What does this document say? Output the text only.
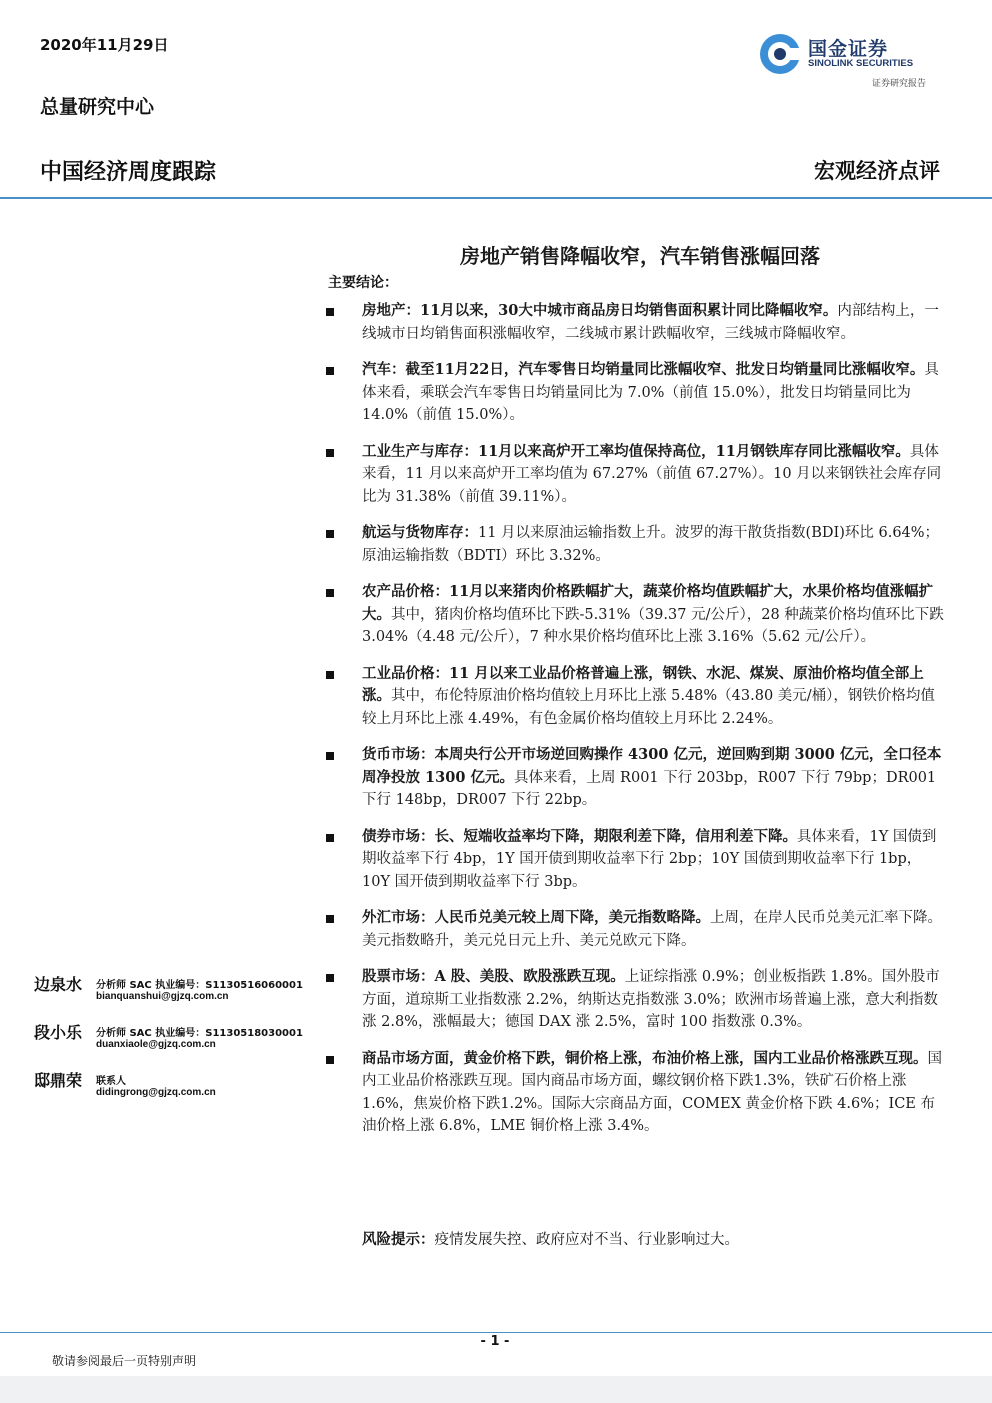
2020年11月29日
总量研究中心
中国经济周度跟踪	宏观经济点评
国金证券
SINOLINK SECURITIES
证券研究报告
房地产销售降幅收窄，汽车销售涨幅回落
主要结论：
房地产：11月以来，30大中城市商品房日均销售面积累计同比降幅收窄。内部结构上，一线城市日均销售面积涨幅收窄，二线城市累计跌幅收窄，三线城市降幅收窄。
汽车：截至11月22日，汽车零售日均销量同比涨幅收窄、批发日均销量同比涨幅收窄。具体来看，乘联会汽车零售日均销量同比为 7.0%（前值 15.0%），批发日均销量同比为 14.0%（前值 15.0%）。
工业生产与库存：11月以来高炉开工率均值保持高位，11月钢铁库存同比涨幅收窄。具体来看，11 月以来高炉开工率均值为 67.27%（前值 67.27%）。10 月以来钢铁社会库存同比为 31.38%（前值 39.11%）。
航运与货物库存：11 月以来原油运输指数上升。波罗的海干散货指数(BDI)环比 6.64%；原油运输指数（BDTI）环比 3.32%。
农产品价格：11月以来猪肉价格跌幅扩大，蔬菜价格均值跌幅扩大，水果价格均值涨幅扩大。其中，猪肉价格均值环比下跌-5.31%（39.37 元/公斤），28 种蔬菜价格均值环比下跌 3.04%（4.48 元/公斤），7 种水果价格均值环比上涨 3.16%（5.62 元/公斤）。
工业品价格：11 月以来工业品价格普遍上涨，钢铁、水泥、煤炭、原油价格均值全部上涨。其中，布伦特原油价格均值较上月环比上涨 5.48%（43.80 美元/桶），钢铁价格均值较上月环比上涨 4.49%，有色金属价格均值较上月环比 2.24%。
货币市场：本周央行公开市场逆回购操作 4300 亿元，逆回购到期 3000 亿元，全口径本周净投放 1300 亿元。具体来看，上周 R001 下行 203bp，R007 下行 79bp；DR001 下行 148bp，DR007 下行 22bp。
债券市场：长、短端收益率均下降，期限利差下降，信用利差下降。具体来看，1Y 国债到期收益率下行 4bp，1Y 国开债到期收益率下行 2bp；10Y 国债到期收益率下行 1bp，10Y 国开债到期收益率下行 3bp。
外汇市场：人民币兑美元较上周下降，美元指数略降。上周，在岸人民币兑美元汇率下降。美元指数略升，美元兑日元上升、美元兑欧元下降。
股票市场：A 股、美股、欧股涨跌互现。上证综指涨 0.9%；创业板指跌 1.8%。国外股市方面，道琼斯工业指数涨 2.2%，纳斯达克指数涨 3.0%；欧洲市场普遍上涨，意大利指数涨 2.8%，涨幅最大；德国 DAX 涨 2.5%，富时 100 指数涨 0.3%。
商品市场方面，黄金价格下跌，铜价格上涨，布油价格上涨，国内工业品价格涨跌互现。国内工业品价格涨跌互现。国内商品市场方面，螺纹钢价格下跌1.3%，铁矿石价格上涨1.6%，焦炭价格下跌1.2%。国际大宗商品方面，COMEX 黄金价格下跌 4.6%；ICE 布油价格上涨 6.8%，LME 铜价格上涨 3.4%。
风险提示：疫情发展失控、政府应对不当、行业影响过大。
边泉水 分析师 SAC 执业编号：S1130516060001
bianquanshui@gjzq.com.cn
段小乐 分析师 SAC 执业编号：S1130518030001
duanxiaole@gjzq.com.cn
邸鼎荣 联系人
didingrong@gjzq.com.cn
- 1 -
敬请参阅最后一页特别声明
